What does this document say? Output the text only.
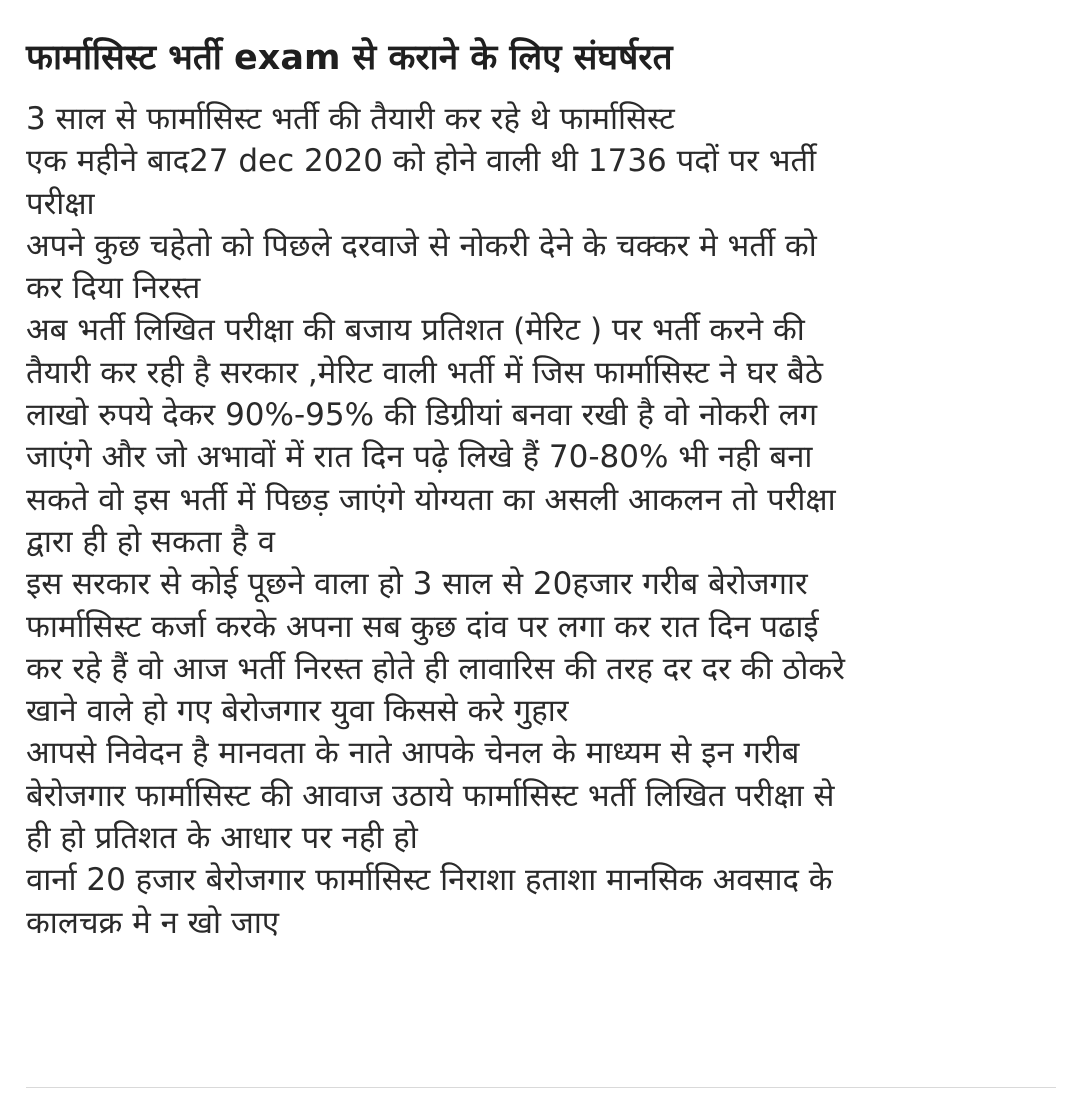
फार्मासिस्ट भर्ती exam से कराने के लिए संघर्षरत
3 साल से फार्मासिस्ट भर्ती की तैयारी कर रहे थे फार्मासिस्ट
एक महीने बाद27 dec 2020 को होने वाली थी 1736 पदों पर भर्ती
परीक्षा
अपने कुछ चहेतो को पिछले दरवाजे से नोकरी देने के चक्कर मे भर्ती को
कर दिया निरस्त
अब भर्ती लिखित परीक्षा की बजाय प्रतिशत (मेरिट ) पर भर्ती करने की
तैयारी कर रही है सरकार ,मेरिट वाली भर्ती में जिस फार्मासिस्ट ने घर बैठे
लाखो रुपये देकर 90%-95% की डिग्रीयां बनवा रखी है वो नोकरी लग
जाएंगे और जो अभावों में रात दिन पढ़े लिखे हैं 70-80% भी नही बना
सकते वो इस भर्ती में पिछड़ जाएंगे योग्यता का असली आकलन तो परीक्षा
द्वारा ही हो सकता है व
इस सरकार से कोई पूछने वाला हो 3 साल से 20हजार गरीब बेरोजगार
फार्मासिस्ट कर्जा करके अपना सब कुछ दांव पर लगा कर रात दिन पढाई
कर रहे हैं वो आज भर्ती निरस्त होते ही लावारिस की तरह दर दर की ठोकरे
खाने वाले हो गए बेरोजगार युवा किससे करे गुहार
आपसे निवेदन है मानवता के नाते आपके चेनल के माध्यम से इन गरीब
बेरोजगार फार्मासिस्ट की आवाज उठाये फार्मासिस्ट भर्ती लिखित परीक्षा से
ही हो प्रतिशत के आधार पर नही हो
वार्ना 20 हजार बेरोजगार फार्मासिस्ट निराशा हताशा मानसिक अवसाद के
कालचक्र मे न खो जाए
